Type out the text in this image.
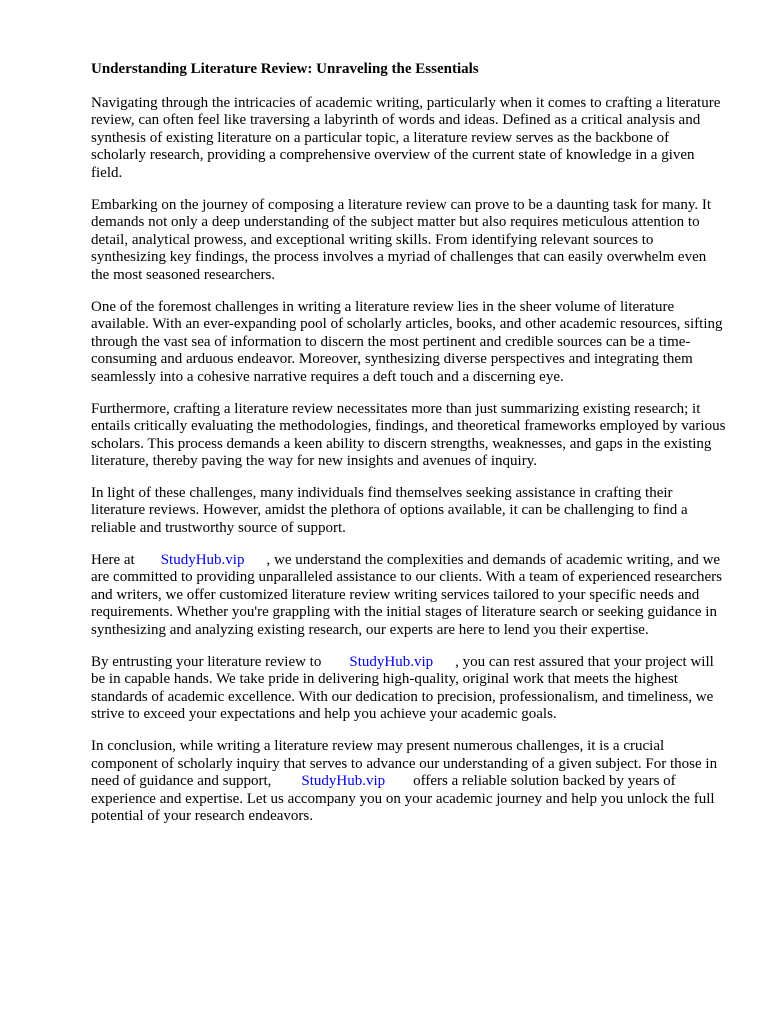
Understanding Literature Review: Unraveling the Essentials

Navigating through the intricacies of academic writing, particularly when it comes to crafting a literature review, can often feel like traversing a labyrinth of words and ideas. Defined as a critical analysis and synthesis of existing literature on a particular topic, a literature review serves as the backbone of scholarly research, providing a comprehensive overview of the current state of knowledge in a given field.

Embarking on the journey of composing a literature review can prove to be a daunting task for many. It demands not only a deep understanding of the subject matter but also requires meticulous attention to detail, analytical prowess, and exceptional writing skills. From identifying relevant sources to synthesizing key findings, the process involves a myriad of challenges that can easily overwhelm even the most seasoned researchers.

One of the foremost challenges in writing a literature review lies in the sheer volume of literature available. With an ever-expanding pool of scholarly articles, books, and other academic resources, sifting through the vast sea of information to discern the most pertinent and credible sources can be a time-consuming and arduous endeavor. Moreover, synthesizing diverse perspectives and integrating them seamlessly into a cohesive narrative requires a deft touch and a discerning eye.

Furthermore, crafting a literature review necessitates more than just summarizing existing research; it entails critically evaluating the methodologies, findings, and theoretical frameworks employed by various scholars. This process demands a keen ability to discern strengths, weaknesses, and gaps in the existing literature, thereby paving the way for new insights and avenues of inquiry.

In light of these challenges, many individuals find themselves seeking assistance in crafting their literature reviews. However, amidst the plethora of options available, it can be challenging to find a reliable and trustworthy source of support.

Here at StudyHub.vip , we understand the complexities and demands of academic writing, and we are committed to providing unparalleled assistance to our clients. With a team of experienced researchers and writers, we offer customized literature review writing services tailored to your specific needs and requirements. Whether you're grappling with the initial stages of literature search or seeking guidance in synthesizing and analyzing existing research, our experts are here to lend you their expertise.

By entrusting your literature review to StudyHub.vip , you can rest assured that your project will be in capable hands. We take pride in delivering high-quality, original work that meets the highest standards of academic excellence. With our dedication to precision, professionalism, and timeliness, we strive to exceed your expectations and help you achieve your academic goals.

In conclusion, while writing a literature review may present numerous challenges, it is a crucial component of scholarly inquiry that serves to advance our understanding of a given subject. For those in need of guidance and support, StudyHub.vip offers a reliable solution backed by years of experience and expertise. Let us accompany you on your academic journey and help you unlock the full potential of your research endeavors.
